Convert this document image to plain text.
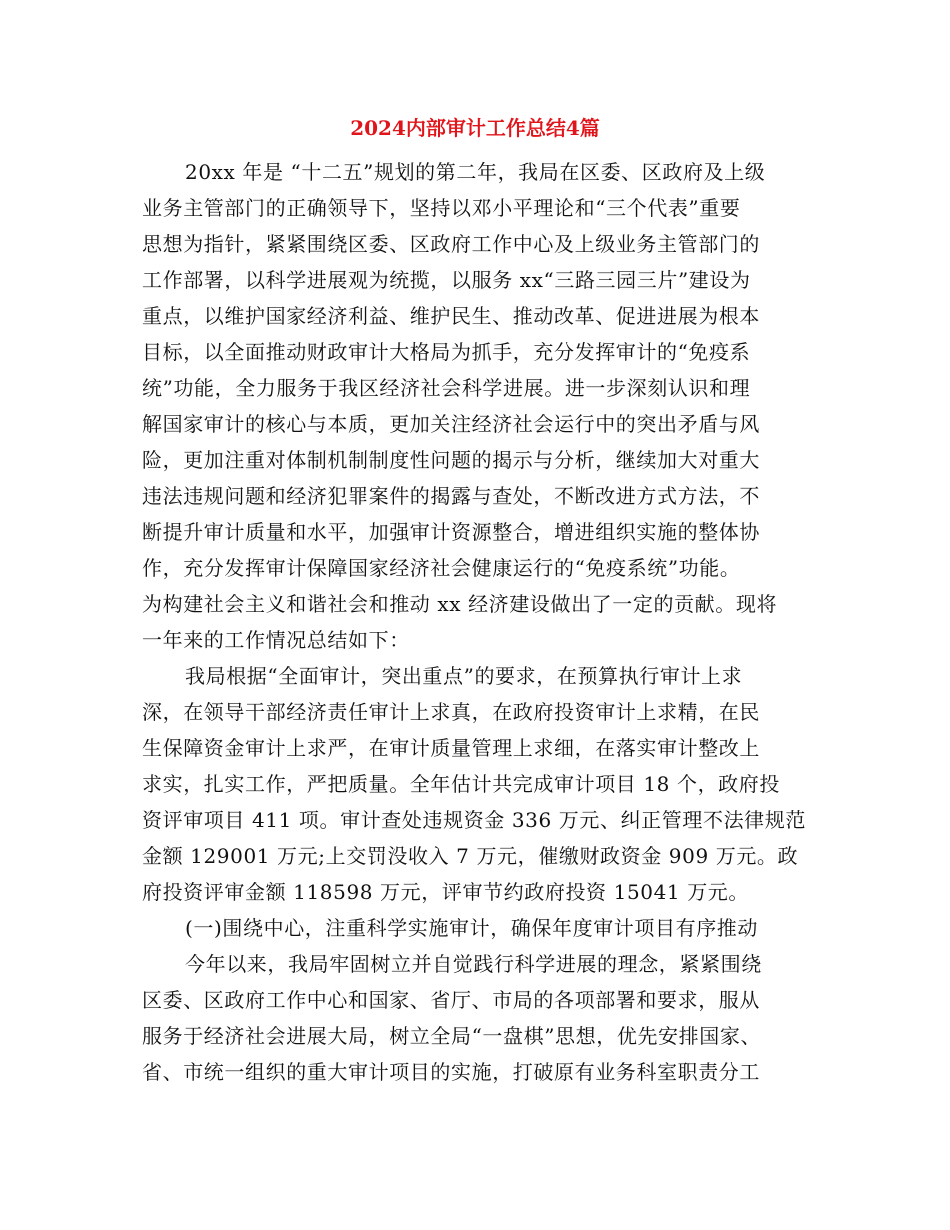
2024内部审计工作总结4篇
20xx 年是 “十二五”规划的第二年，我局在区委、区政府及上级
业务主管部门的正确领导下，坚持以邓小平理论和“三个代表”重要
思想为指针，紧紧围绕区委、区政府工作中心及上级业务主管部门的
工作部署，以科学进展观为统揽，以服务 xx“三路三园三片”建设为
重点，以维护国家经济利益、维护民生、推动改革、促进进展为根本
目标，以全面推动财政审计大格局为抓手，充分发挥审计的“免疫系
统”功能，全力服务于我区经济社会科学进展。进一步深刻认识和理
解国家审计的核心与本质，更加关注经济社会运行中的突出矛盾与风
险，更加注重对体制机制制度性问题的揭示与分析，继续加大对重大
违法违规问题和经济犯罪案件的揭露与查处，不断改进方式方法，不
断提升审计质量和水平，加强审计资源整合，增进组织实施的整体协
作，充分发挥审计保障国家经济社会健康运行的“免疫系统”功能。
为构建社会主义和谐社会和推动 xx 经济建设做出了一定的贡献。现将
一年来的工作情况总结如下：
我局根据“全面审计，突出重点”的要求，在预算执行审计上求
深，在领导干部经济责任审计上求真，在政府投资审计上求精，在民
生保障资金审计上求严，在审计质量管理上求细，在落实审计整改上
求实，扎实工作，严把质量。全年估计共完成审计项目 18 个，政府投
资评审项目 411 项。审计查处违规资金 336 万元、纠正管理不法律规范
金额 129001 万元;上交罚没收入 7 万元，催缴财政资金 909 万元。政
府投资评审金额 118598 万元，评审节约政府投资 15041 万元。
(一)围绕中心，注重科学实施审计，确保年度审计项目有序推动
今年以来，我局牢固树立并自觉践行科学进展的理念，紧紧围绕
区委、区政府工作中心和国家、省厅、市局的各项部署和要求，服从
服务于经济社会进展大局，树立全局“一盘棋”思想，优先安排国家、
省、市统一组织的重大审计项目的实施，打破原有业务科室职责分工
